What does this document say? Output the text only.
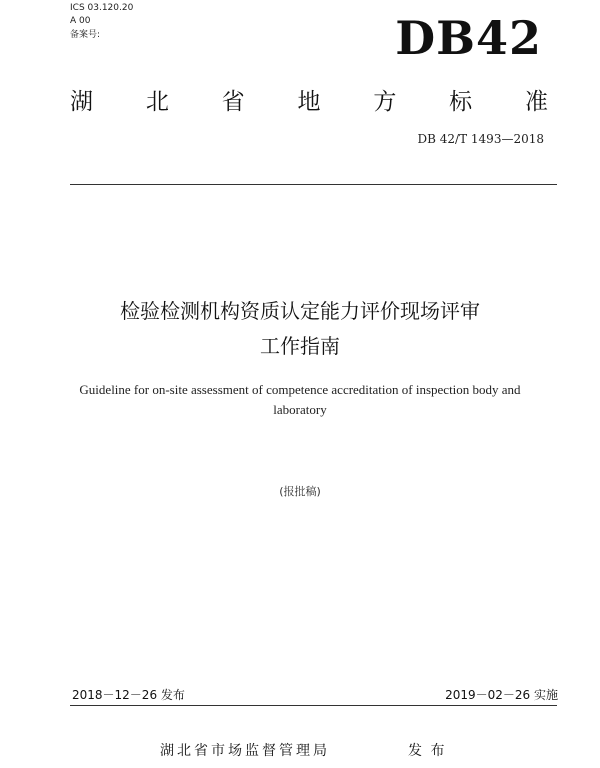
ICS 03.120.20
A 00
备案号:	DB42
湖 北 省 地 方 标 准
DB 42/T 1493—2018
检验检测机构资质认定能力评价现场评审
工作指南
Guideline for on-site assessment of competence accreditation of inspection body and
laboratory
(报批稿)
2018－12－26 发布	2019－02－26 实施
湖北省市场监督管理局	发 布
